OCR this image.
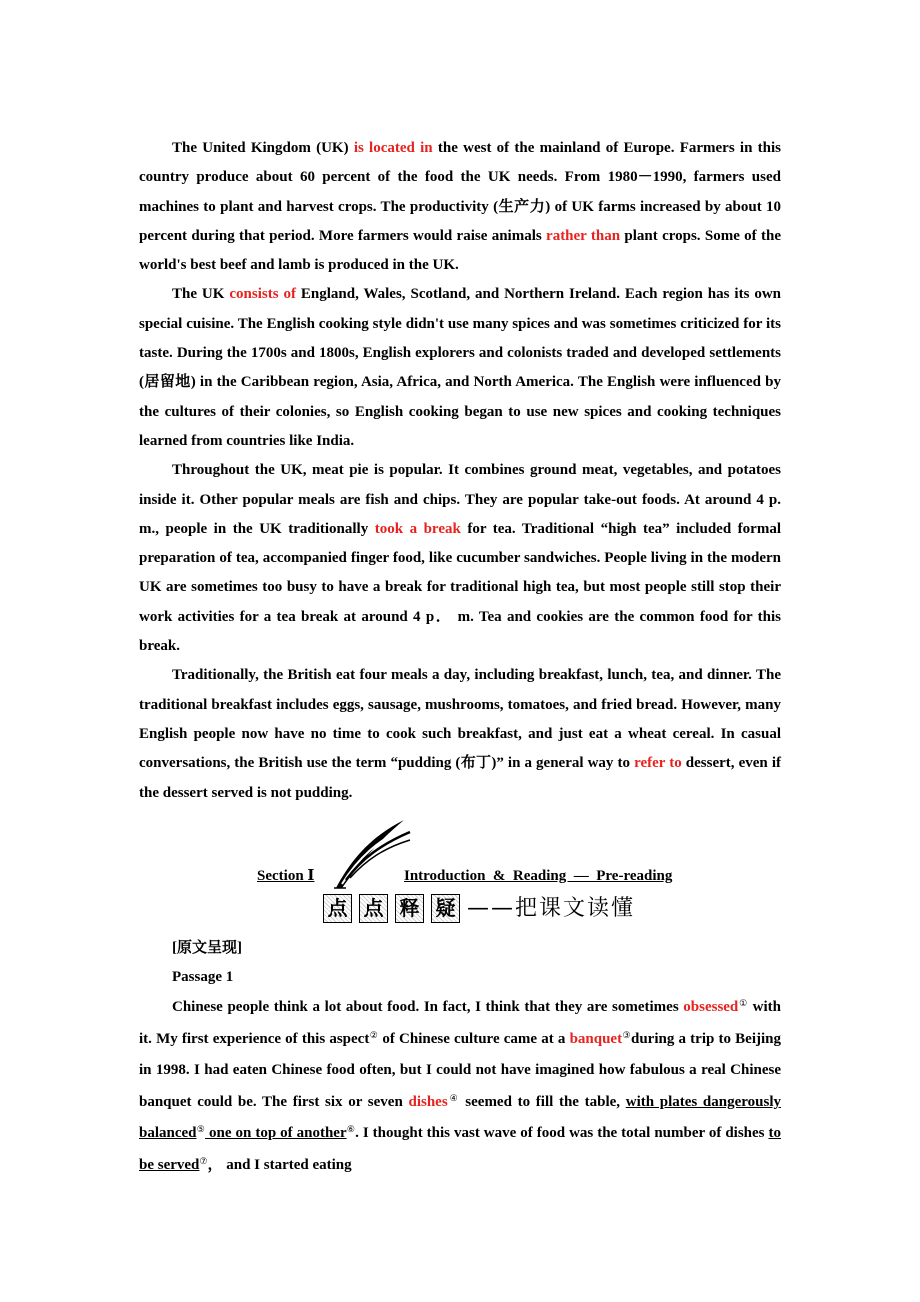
The United Kingdom (UK) is located in the west of the mainland of Europe. Farmers in this country produce about 60 percent of the food the UK needs. From 1980－1990, farmers used machines to plant and harvest crops. The productivity (生产力) of UK farms increased by about 10 percent during that period. More farmers would raise animals rather than plant crops. Some of the world's best beef and lamb is produced in the UK.

The UK consists of England, Wales, Scotland, and Northern Ireland. Each region has its own special cuisine. The English cooking style didn't use many spices and was sometimes criticized for its taste. During the 1700s and 1800s, English explorers and colonists traded and developed settlements (居留地) in the Caribbean region, Asia, Africa, and North America. The English were influenced by the cultures of their colonies, so English cooking began to use new spices and cooking techniques learned from countries like India.

Throughout the UK, meat pie is popular. It combines ground meat, vegetables, and potatoes inside it. Other popular meals are fish and chips. They are popular take-out foods. At around 4 p. m., people in the UK traditionally took a break for tea. Traditional “high tea” included formal preparation of tea, accompanied finger food, like cucumber sandwiches. People living in the modern UK are sometimes too busy to have a break for traditional high tea, but most people still stop their work activities for a tea break at around 4 p． m. Tea and cookies are the common food for this break.

Traditionally, the British eat four meals a day, including breakfast, lunch, tea, and dinner. The traditional breakfast includes eggs, sausage, mushrooms, tomatoes, and fried bread. However, many English people now have no time to cook such breakfast, and just eat a wheat cereal. In casual conversations, the British use the term “pudding (布丁)” in a general way to refer to dessert, even if the dessert served is not pudding.

Section Ⅰ	Introduction  &  Reading  —  Pre-reading
点 点 释 疑 ——把课文读懂
[原文呈现]
Passage 1

Chinese people think a lot about food. In fact, I think that they are sometimes obsessed① with it. My first experience of this aspect② of Chinese culture came at a banquet③during a trip to Beijing in 1998. I had eaten Chinese food often, but I could not have imagined how fabulous a real Chinese banquet could be. The first six or seven dishes④ seemed to fill the table, with plates dangerously balanced⑤ one on top of another⑥. I thought this vast wave of food was the total number of dishes to be served⑦， and I started eating
